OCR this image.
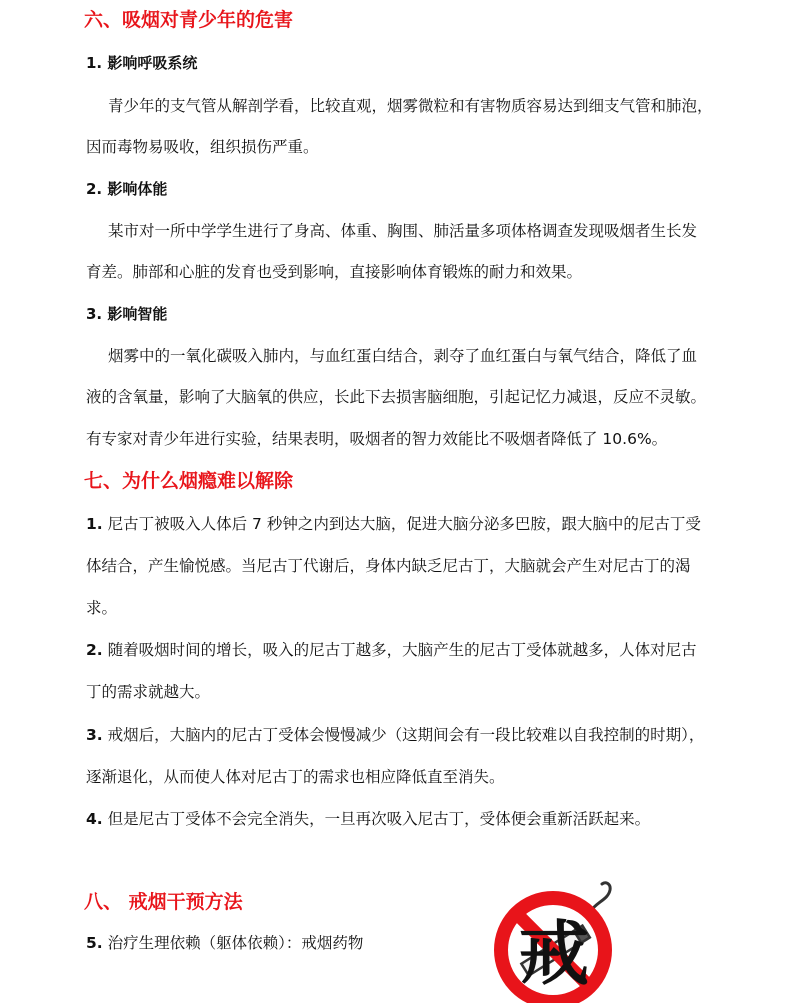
六、吸烟对青少年的危害
1. 影响呼吸系统
青少年的支气管从解剖学看，比较直观，烟雾微粒和有害物质容易达到细支气管和肺泡，
因而毒物易吸收，组织损伤严重。
2. 影响体能
某市对一所中学学生进行了身高、体重、胸围、肺活量多项体格调查发现吸烟者生长发
育差。肺部和心脏的发育也受到影响，直接影响体育锻炼的耐力和效果。
3. 影响智能
烟雾中的一氧化碳吸入肺内，与血红蛋白结合，剥夺了血红蛋白与氧气结合，降低了血
液的含氧量，影响了大脑氧的供应，长此下去损害脑细胞，引起记忆力减退，反应不灵敏。
有专家对青少年进行实验，结果表明，吸烟者的智力效能比不吸烟者降低了 10.6%。
七、为什么烟瘾难以解除
1. 尼古丁被吸入人体后 7 秒钟之内到达大脑，促进大脑分泌多巴胺，跟大脑中的尼古丁受
体结合，产生愉悦感。当尼古丁代谢后，身体内缺乏尼古丁，大脑就会产生对尼古丁的渴
求。
2. 随着吸烟时间的增长，吸入的尼古丁越多，大脑产生的尼古丁受体就越多，人体对尼古
丁的需求就越大。
3. 戒烟后，大脑内的尼古丁受体会慢慢减少（这期间会有一段比较难以自我控制的时期），
逐渐退化，从而使人体对尼古丁的需求也相应降低直至消失。
4. 但是尼古丁受体不会完全消失，一旦再次吸入尼古丁，受体便会重新活跃起来。
八、 戒烟干预方法
5. 治疗生理依赖（躯体依赖）：戒烟药物 戒
